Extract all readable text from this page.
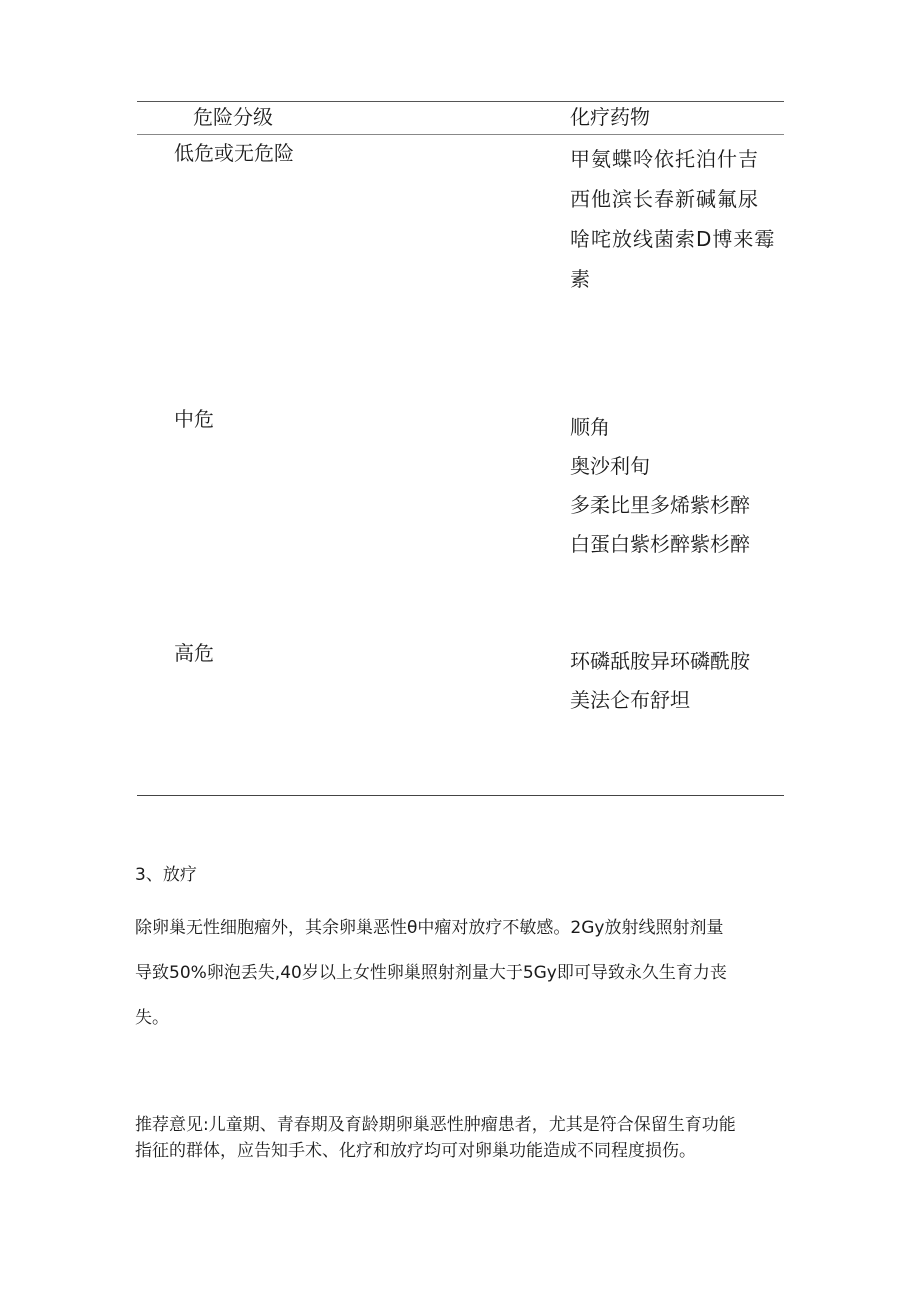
危险分级	化疗药物
低危或无危险	甲氨蝶呤依托泊什吉
西他滨长春新碱氟尿
啥咤放线菌索D博来霉
素
中危	顺角
奥沙利旬
多柔比里多烯紫杉醉
白蛋白紫杉醉紫杉醉
高危	环磷舐胺异环磷酰胺
美法仑布舒坦
3、放疗
除卵巢无性细胞瘤外，其余卵巢恶性θ中瘤对放疗不敏感。2Gy放射线照射剂量
导致50%卵泡丢失,40岁以上女性卵巢照射剂量大于5Gy即可导致永久生育力丧
失。
推荐意见:儿童期、青春期及育龄期卵巢恶性肿瘤患者，尤其是符合保留生育功能
指征的群体，应告知手术、化疗和放疗均可对卵巢功能造成不同程度损伤。
